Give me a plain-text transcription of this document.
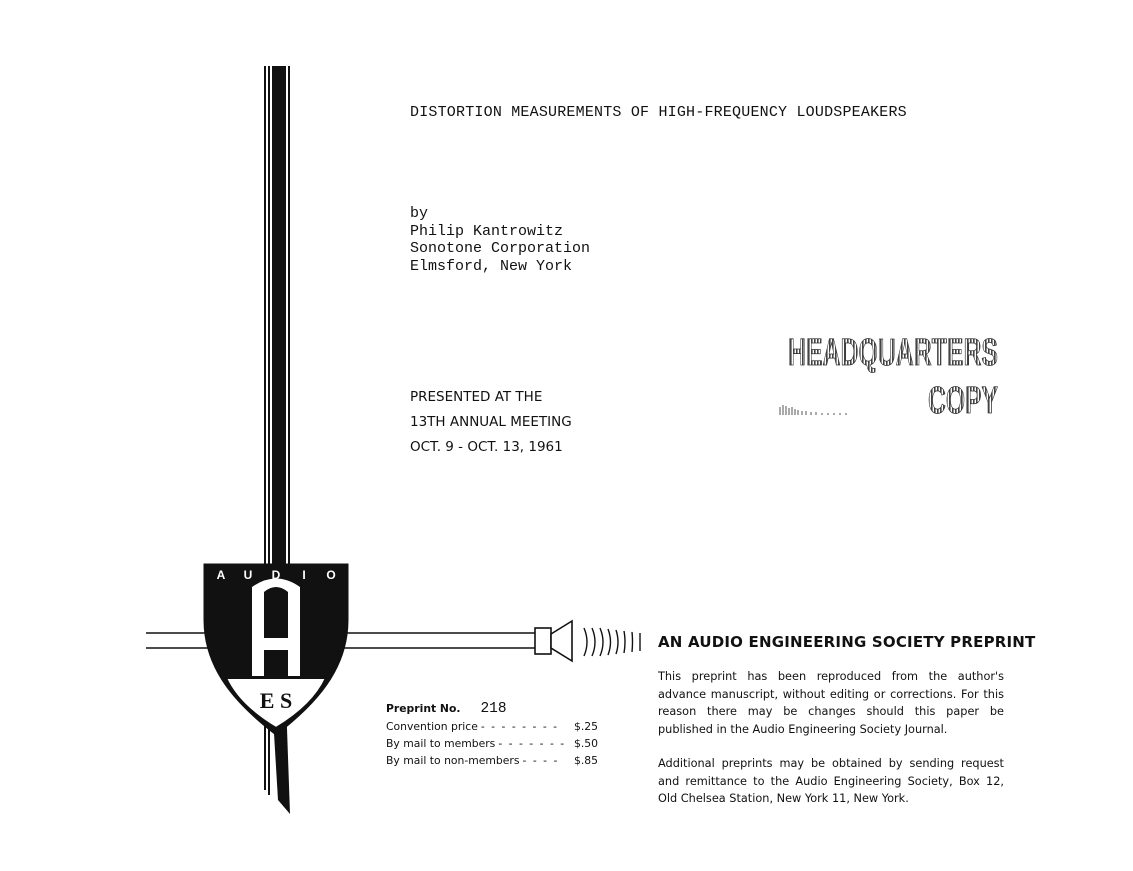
DISTORTION MEASUREMENTS OF HIGH-FREQUENCY LOUDSPEAKERS
by
Philip Kantrowitz
Sonotone Corporation
Elmsford, New York
HEADQUARTERS
COPY
PRESENTED AT THE
13TH ANNUAL MEETING
OCT. 9 - OCT. 13, 1961
A U D I O
E S
AN AUDIO ENGINEERING SOCIETY PREPRINT
This preprint has been reproduced from the author's advance manuscript, without editing or corrections. For this reason there may be changes should this paper be published in the Audio Engineering Society Journal.
Additional preprints may be obtained by sending request and remittance to the Audio Engineering Society, Box 12, Old Chelsea Station, New York 11, New York.
Preprint No. 218
Convention price - - - - - - - -	$.25
By mail to members - - - - - - - $.50
By mail to non-members - - - -	$.85
